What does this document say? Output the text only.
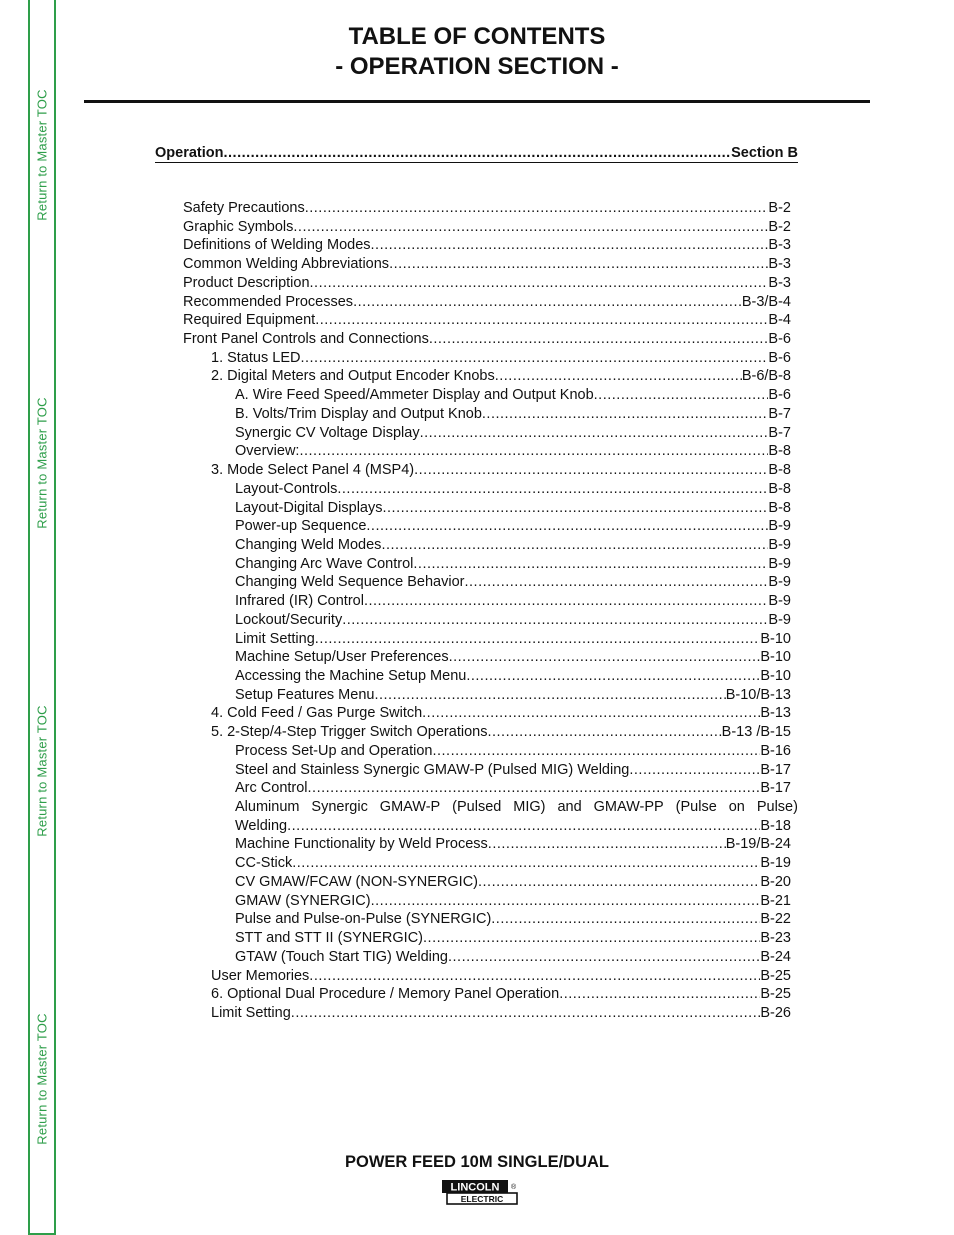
Return to Master TOC
Return to Master TOC
Return to Master TOC
Return to Master TOC
TABLE OF CONTENTS
- OPERATION SECTION -
Operation .....	Section B
Safety Precautions .....	B-2
Graphic Symbols .....	B-2
Definitions of Welding Modes .....	B-3
Common Welding Abbreviations .....	B-3
Product Description .....	B-3
Recommended Processes .....	B-3/B-4
Required Equipment .....	B-4
Front Panel Controls and Connections .....	B-6
1. Status LED .....	B-6
2. Digital Meters and Output Encoder Knobs .....	B-6/B-8
A. Wire Feed Speed/Ammeter Display and Output Knob .....	B-6
B. Volts/Trim Display and Output Knob .....	B-7
Synergic CV Voltage Display .....	B-7
Overview: .....	B-8
3. Mode Select Panel 4 (MSP4) .....	B-8
Layout-Controls .....	B-8
Layout-Digital Displays .....	B-8
Power-up Sequence .....	B-9
Changing Weld Modes .....	B-9
Changing Arc Wave Control .....	B-9
Changing Weld Sequence Behavior .....	B-9
Infrared (IR) Control .....	B-9
Lockout/Security .....	B-9
Limit Setting .....	B-10
Machine Setup/User Preferences .....	B-10
Accessing the Machine Setup Menu .....	B-10
Setup Features Menu .....	B-10/B-13
4. Cold Feed / Gas Purge Switch .....	B-13
5. 2-Step/4-Step Trigger Switch Operations .....	B-13 /B-15
Process Set-Up and Operation .....	B-16
Steel and Stainless Synergic GMAW-P (Pulsed MIG) Welding .....	B-17
Arc Control .....	B-17
Aluminum Synergic GMAW-P (Pulsed MIG) and GMAW-PP (Pulse on Pulse)
Welding .....	B-18
Machine Functionality by Weld Process .....	B-19/B-24
CC-Stick .....	B-19
CV GMAW/FCAW (NON-SYNERGIC) .....	B-20
GMAW (SYNERGIC) .....	B-21
Pulse and Pulse-on-Pulse (SYNERGIC) .....	B-22
STT and STT II (SYNERGIC) .....	B-23
GTAW (Touch Start TIG) Welding .....	B-24
User Memories .....	B-25
6. Optional Dual Procedure / Memory Panel Operation .....	B-25
Limit Setting .....	B-26
POWER FEED 10M SINGLE/DUAL
LINCOLN
ELECTRIC
®
